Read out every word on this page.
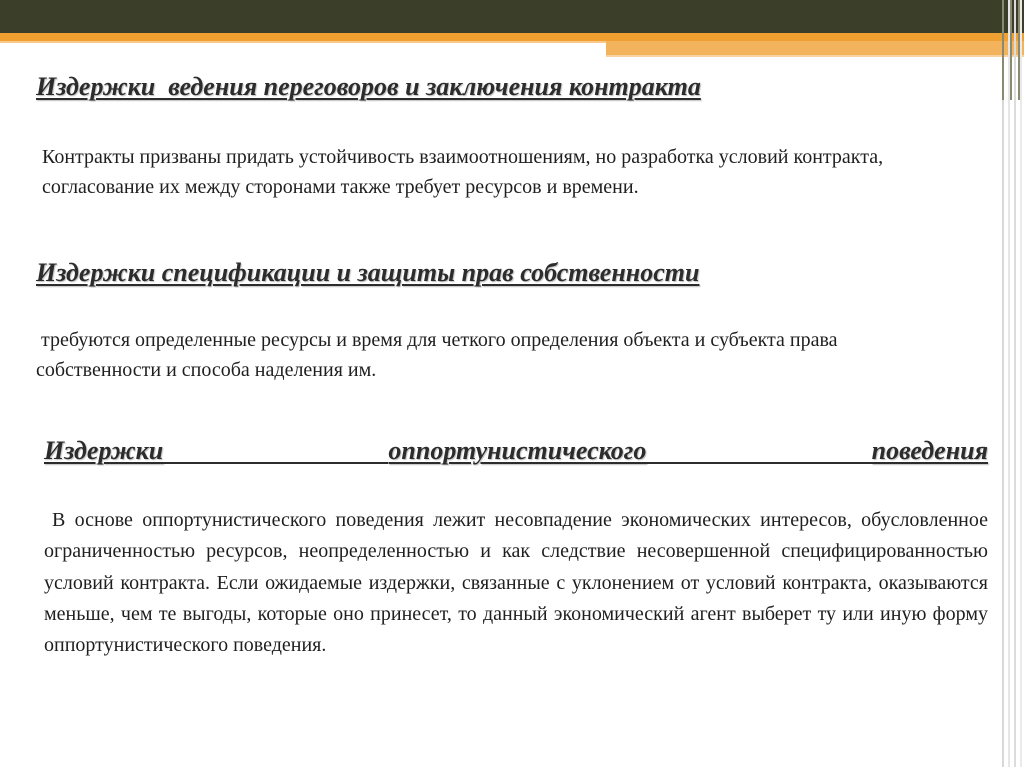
Издержки  ведения переговоров и заключения контракта

Контракты призваны придать устойчивость взаимоотношениям, но разработка условий контракта, согласование их между сторонами также требует ресурсов и времени.

Издержки спецификации и защиты прав собственности

требуются определенные ресурсы и время для четкого определения объекта и субъекта права собственности и способа наделения им.

Издержки	оппортунистического	поведения

В основе оппортунистического поведения лежит несовпадение экономических интересов, обусловленное ограниченностью ресурсов, неопределенностью и как следствие несовершенной специфицированностью условий контракта. Если ожидаемые издержки, связанные с уклонением от условий контракта, оказываются меньше, чем те выгоды, которые оно принесет, то данный экономический агент выберет ту или иную форму оппортунистического поведения.
